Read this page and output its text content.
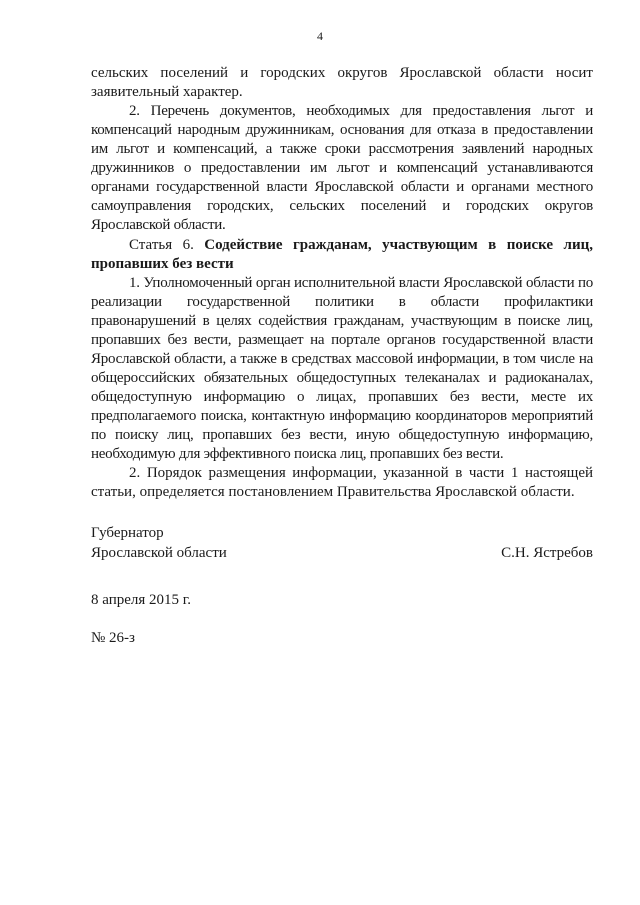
4

сельских поселений и городских округов Ярославской области носит заявительный характер.

2. Перечень документов, необходимых для предоставления льгот и компенсаций народным дружинникам, основания для отказа в предоставлении им льгот и компенсаций, а также сроки рассмотрения заявлений народных дружинников о предоставлении им льгот и компенсаций устанавливаются органами государственной власти Ярославской области и органами местного самоуправления городских, сельских поселений и городских округов Ярославской области.

Статья 6. Содействие гражданам, участвующим в поиске лиц, пропавших без вести

1. Уполномоченный орган исполнительной власти Ярославской области по реализации государственной политики в области профилактики правонарушений в целях содействия гражданам, участвующим в поиске лиц, пропавших без вести, размещает на портале органов государственной власти Ярославской области, а также в средствах массовой информации, в том числе на общероссийских обязательных общедоступных телеканалах и радиоканалах, общедоступную информацию о лицах, пропавших без вести, месте их предполагаемого поиска, контактную информацию координаторов мероприятий по поиску лиц, пропавших без вести, иную общедоступную информацию, необходимую для эффективного поиска лиц, пропавших без вести.

2. Порядок размещения информации, указанной в части 1 настоящей статьи, определяется постановлением Правительства Ярославской области.

Губернатор
Ярославской области	С.Н. Ястребов
8 апреля 2015 г.
№ 26-з
